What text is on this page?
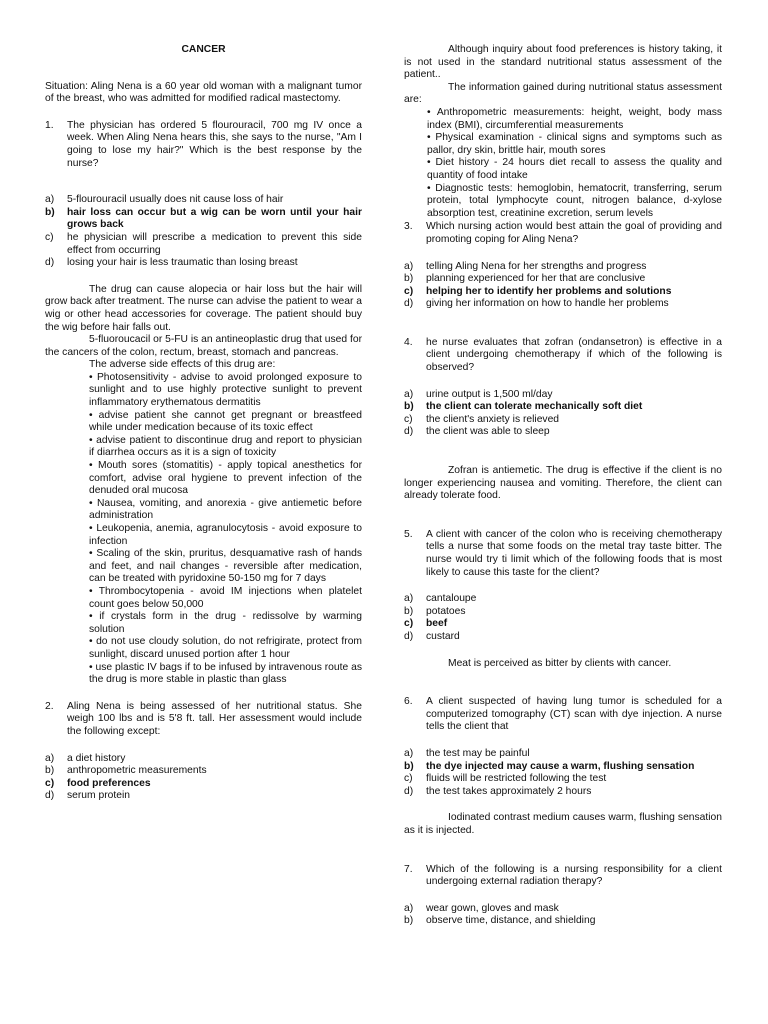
CANCER

Situation: Aling Nena is a 60 year old woman with a malignant tumor of the breast, who was admitted for modified radical mastectomy.

1.	The physician has ordered 5 flourouracil, 700 mg IV once a week. When Aling Nena hears this, she says to the nurse, "Am I going to lose my hair?" Which is the best response by the nurse?
a)	5-flourouracil usually does nit cause loss of hair
b)	hair loss can occur but a wig can be worn until your hair grows back
c)	he physician will prescribe a medication to prevent this side effect from occurring
d)	losing your hair is less traumatic than losing breast

The drug can cause alopecia or hair loss but the hair will grow back after treatment. The nurse can advise the patient to wear a wig or other head accessories for coverage. The patient should buy the wig before hair falls out.

5-fluoroucacil or 5-FU is an antineoplastic drug that used for the cancers of the colon, rectum, breast, stomach and pancreas.

The adverse side effects of this drug are:

• Photosensitivity - advise to avoid prolonged exposure to sunlight and to use highly protective sunlight to prevent inflammatory erythematous dermatitis

• advise patient she cannot get pregnant or breastfeed while under medication because of its toxic effect

• advise patient to discontinue drug and report to physician if diarrhea occurs as it is a sign of toxicity

• Mouth sores (stomatitis) - apply topical anesthetics for comfort, advise oral hygiene to prevent infection of the denuded oral mucosa

• Nausea, vomiting, and anorexia - give antiemetic before administration

• Leukopenia, anemia, agranulocytosis - avoid exposure to infection

• Scaling of the skin, pruritus, desquamative rash of hands and feet, and nail changes - reversible after medication, can be treated with pyridoxine 50-150 mg for 7 days

• Thrombocytopenia - avoid IM injections when platelet count goes below 50,000

• if crystals form in the drug - redissolve by warming solution

• do not use cloudy solution, do not refrigirate, protect from sunlight, discard unused portion after 1 hour

• use plastic IV bags if to be infused by intravenous route as the drug is more stable in plastic than glass

2.	Aling Nena is being assessed of her nutritional status. She weigh 100 lbs and is 5'8 ft. tall. Her assessment would include the following except:
a)	a diet history
b)	anthropometric measurements
c)	food preferences
d)	serum protein

Although inquiry about food preferences is history taking, it is not used in the standard nutritional status assessment of the patient..

The information gained during nutritional status assessment are:

• Anthropometric measurements: height, weight, body mass index (BMI), circumferential measurements

• Physical examination - clinical signs and symptoms such as pallor, dry skin, brittle hair, mouth sores

• Diet history - 24 hours diet recall to assess the quality and quantity of food intake

• Diagnostic tests: hemoglobin, hematocrit, transferring, serum protein, total lymphocyte count, nitrogen balance, d-xylose absorption test, creatinine excretion, serum levels

3.	Which nursing action would best attain the goal of providing and promoting coping for Aling Nena?
a)	telling Aling Nena for her strengths and progress
b)	planning experienced for her that are conclusive
c)	helping her to identify her problems and solutions
d)	giving her information on how to handle her problems
4.	he nurse evaluates that zofran (ondansetron) is effective in a client undergoing chemotherapy if which of the following is observed?
a)	urine output is 1,500 ml/day
b)	the client can tolerate mechanically soft diet
c)	the client's anxiety is relieved
d)	the client was able to sleep

Zofran is antiemetic. The drug is effective if the client is no longer experiencing nausea and vomiting. Therefore, the client can already tolerate food.

5.	A client with cancer of the colon who is receiving chemotherapy tells a nurse that some foods on the metal tray taste bitter. The nurse would try ti limit which of the following foods that is most likely to cause this taste for the client?
a)	cantaloupe
b)	potatoes
c)	beef
d)	custard

Meat is perceived as bitter by clients with cancer.

6.	A client suspected of having lung tumor is scheduled for a computerized tomography (CT) scan with dye injection. A nurse tells the client that
a)	the test may be painful
b)	the dye injected may cause a warm, flushing sensation
c)	fluids will be restricted following the test
d)	the test takes approximately 2 hours

Iodinated contrast medium causes warm, flushing sensation as it is injected.

7.	Which of the following is a nursing responsibility for a client undergoing external radiation therapy?
a)	wear gown, gloves and mask
b)	observe time, distance, and shielding
